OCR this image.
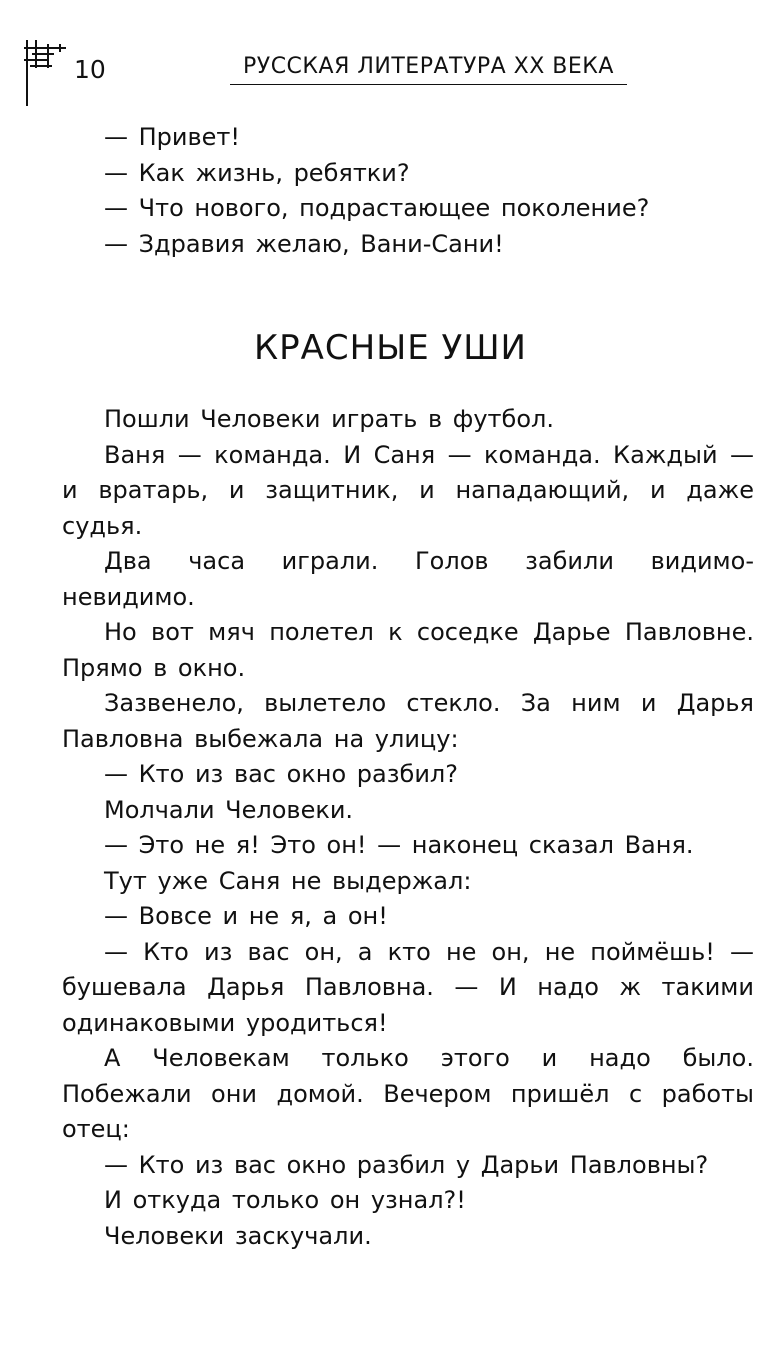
10	РУССКАЯ ЛИТЕРАТУРА XX ВЕКА
— Привет!
— Как жизнь, ребятки?
— Что нового, подрастающее поколение?
— Здравия желаю, Вани-Сани!
КРАСНЫЕ УШИ

Пошли Человеки играть в футбол.

Ваня — команда. И Саня — команда. Каждый — и вратарь, и защитник, и нападающий, и даже судья.

Два часа играли. Голов забили видимо-невидимо.

Но вот мяч полетел к соседке Дарье Павловне. Прямо в окно.

Зазвенело, вылетело стекло. За ним и Дарья Павловна выбежала на улицу:

— Кто из вас окно разбил?

Молчали Человеки.

— Это не я! Это он! — наконец сказал Ваня.

Тут уже Саня не выдержал:

— Вовсе и не я, а он!

— Кто из вас он, а кто не он, не поймёшь! — бушевала Дарья Павловна. — И надо ж такими одинаковыми уродиться!

А Человекам только этого и надо было. Побежали они домой. Вечером пришёл с работы отец:

— Кто из вас окно разбил у Дарьи Павловны?

И откуда только он узнал?!

Человеки заскучали.
